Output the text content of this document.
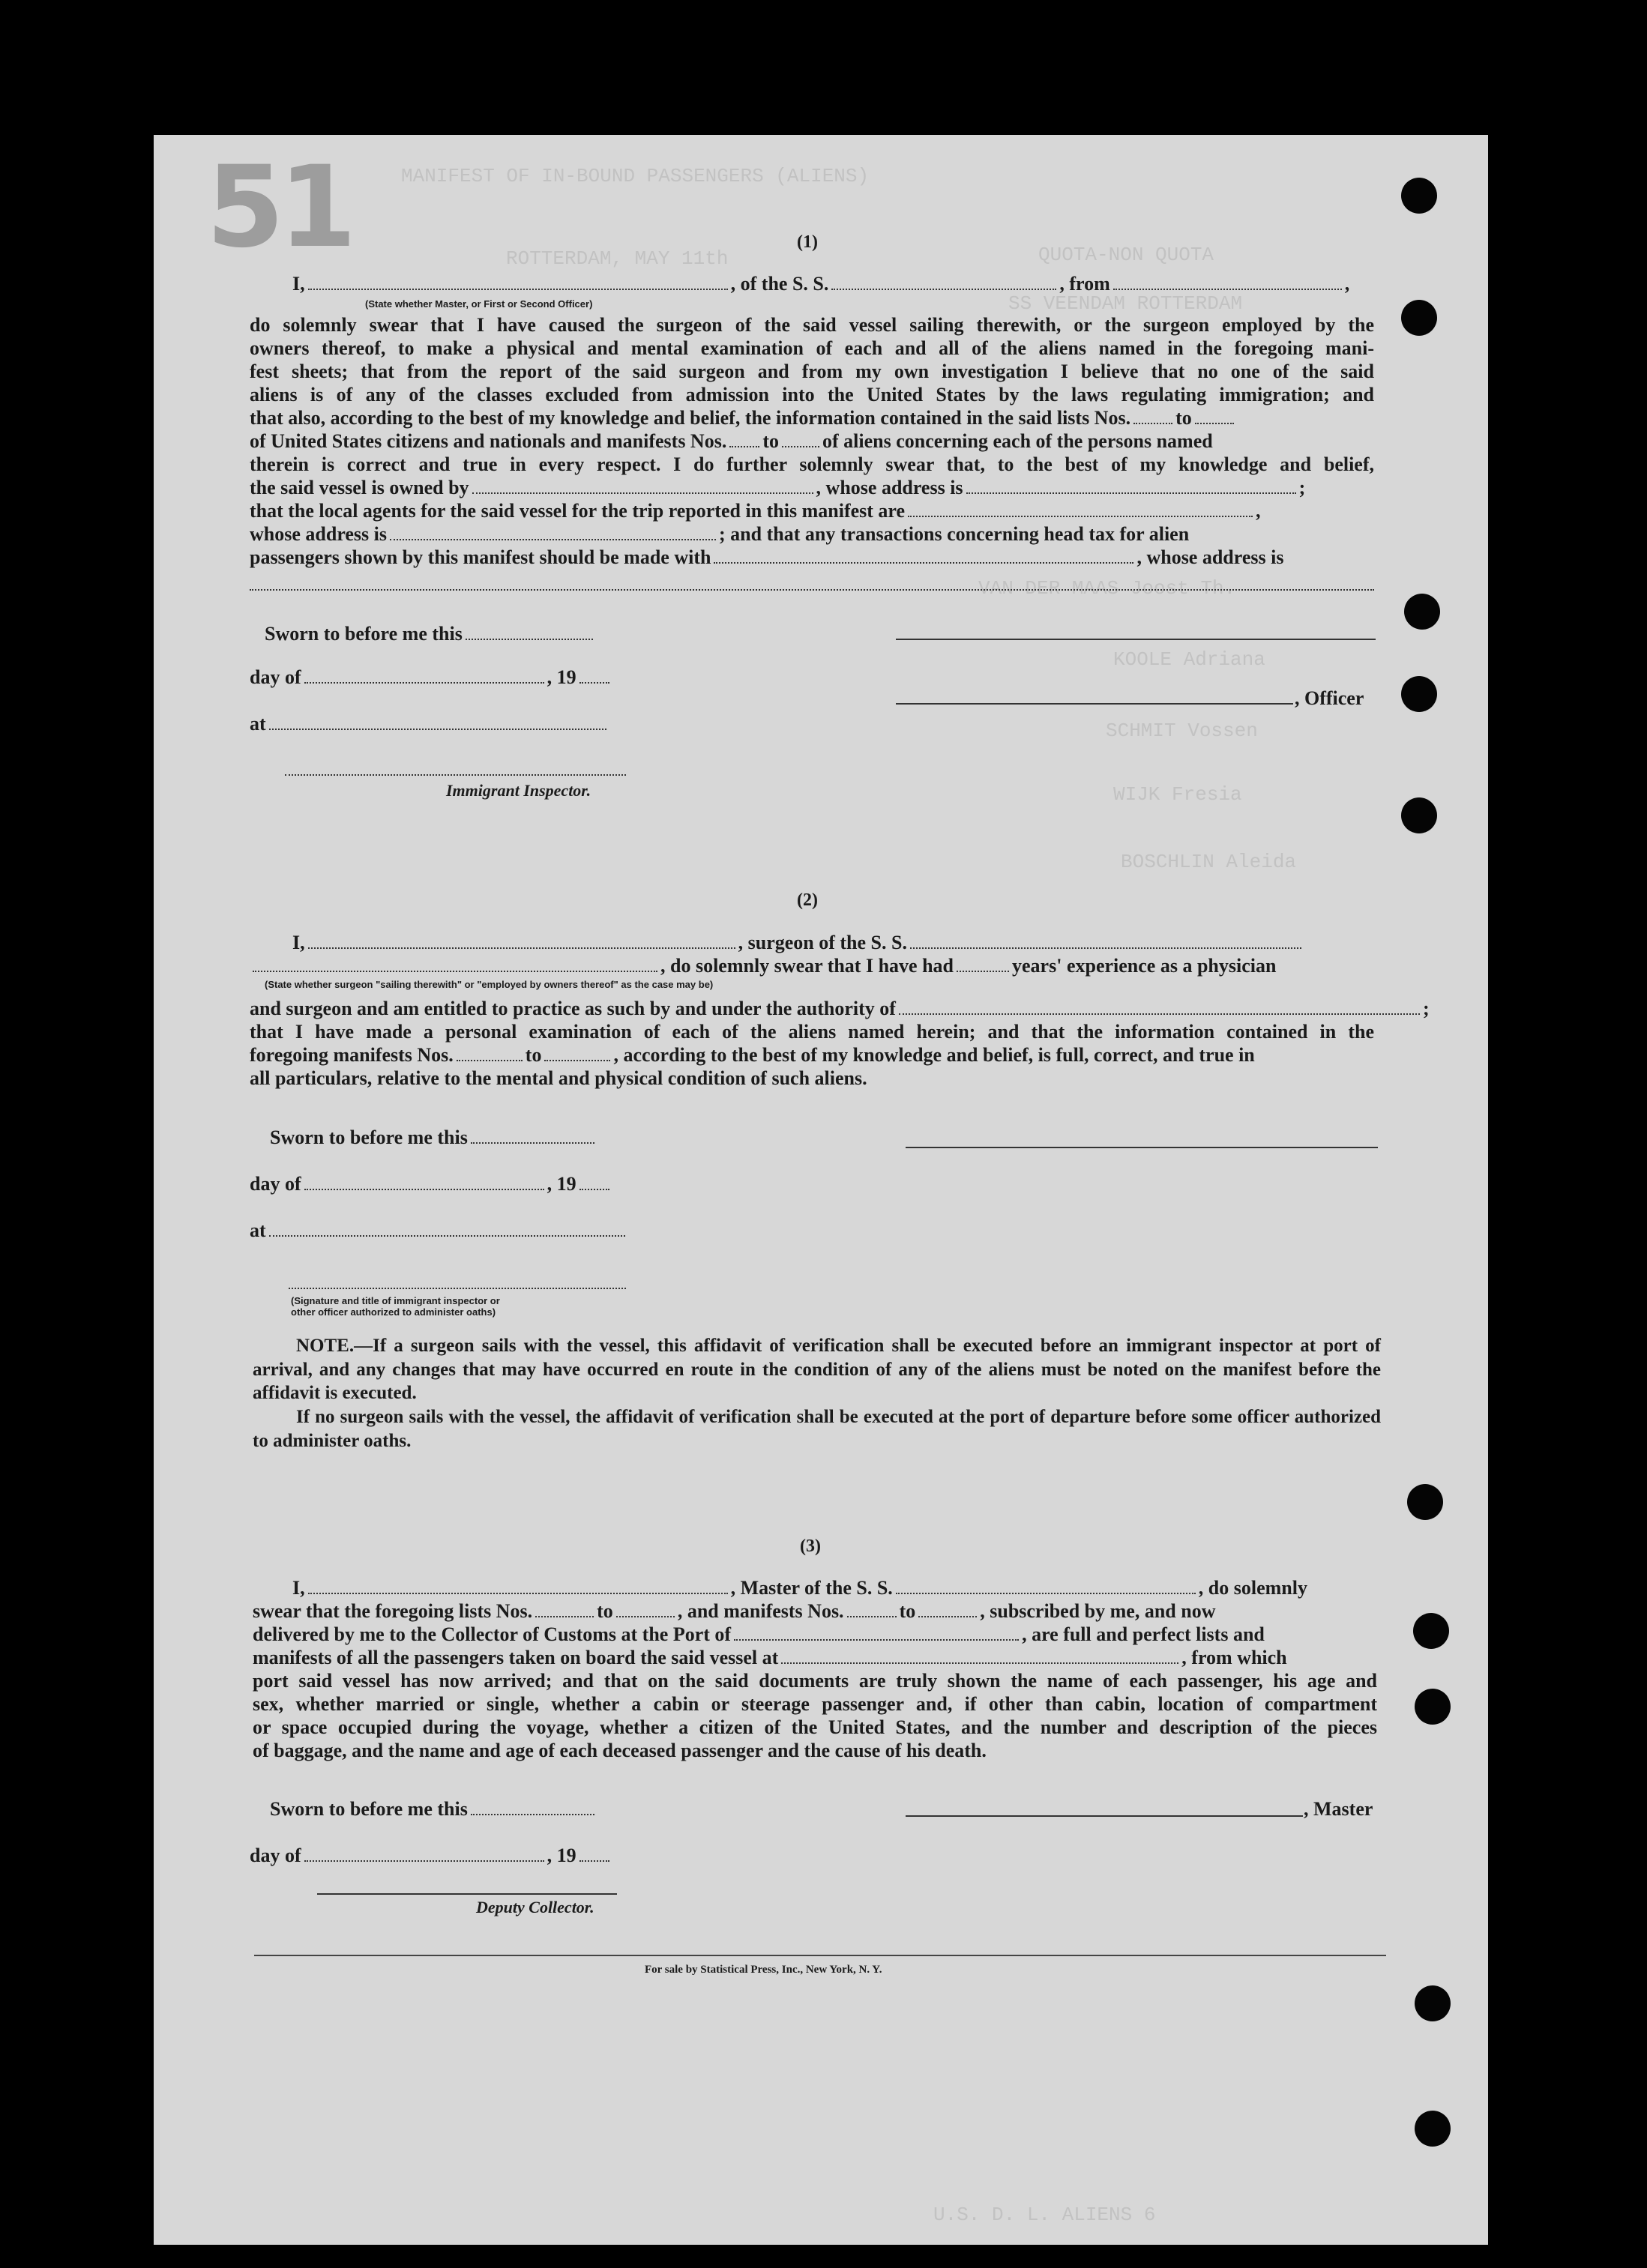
51	MANIFEST OF IN-BOUND PASSENGERS (ALIENS)
ROTTERDAM, MAY 11th	QUOTA-NON QUOTA
SS VEENDAM ROTTERDAM
VAN DER MAAS Joost Th.
KOOLE Adriana
SCHMIT Vossen
WIJK Fresia
BOSCHLIN Aleida
U.S. D. L. ALIENS 6
(1)
I,	, of the S. S.	, from	,
(State whether Master, or First or Second Officer)
do solemnly swear that I have caused the surgeon of the said vessel sailing therewith, or the surgeon employed by the
owners thereof, to make a physical and mental examination of each and all of the aliens named in the foregoing mani-
fest sheets; that from the report of the said surgeon and from my own investigation I believe that no one of the said
aliens is of any of the classes excluded from admission into the United States by the laws regulating immigration; and
that also, according to the best of my knowledge and belief, the information contained in the said lists Nos. to
of United States citizens and nationals and manifests Nos. to of aliens concerning each of the persons named
therein is correct and true in every respect. I do further solemnly swear that, to the best of my knowledge and belief,
the said vessel is owned by	, whose address is	;
that the local agents for the said vessel for the trip reported in this manifest are	,
whose address is	; and that any transactions concerning head tax for alien
passengers shown by this manifest should be made with	, whose address is
Sworn to before me this
day of	, 19
, Officer
at
Immigrant Inspector.
(2)
I,	, surgeon of the S. S.
, do solemnly swear that I have had	years' experience as a physician
(State whether surgeon "sailing therewith" or "employed by owners thereof" as the case may be)
and surgeon and am entitled to practice as such by and under the authority of	;
that I have made a personal examination of each of the aliens named herein; and that the information contained in the
foregoing manifests Nos.	to	, according to the best of my knowledge and belief, is full, correct, and true in
all particulars, relative to the mental and physical condition of such aliens.
Sworn to before me this
day of	, 19
at
(Signature and title of immigrant inspector or
other officer authorized to administer oaths)
NOTE.—If a surgeon sails with the vessel, this affidavit of verification shall be executed before an immigrant inspector at port of arrival, and any changes that may have occurred en route in the condition of any of the aliens must be noted on the manifest before the affidavit is executed.
If no surgeon sails with the vessel, the affidavit of verification shall be executed at the port of departure before some officer authorized to administer oaths.
(3)
I,	, Master of the S. S.	, do solemnly
swear that the foregoing lists Nos.	to	, and manifests Nos.	to	, subscribed by me, and now
delivered by me to the Collector of Customs at the Port of	, are full and perfect lists and
manifests of all the passengers taken on board the said vessel at	, from which
port said vessel has now arrived; and that on the said documents are truly shown the name of each passenger, his age and
sex, whether married or single, whether a cabin or steerage passenger and, if other than cabin, location of compartment
or space occupied during the voyage, whether a citizen of the United States, and the number and description of the pieces
of baggage, and the name and age of each deceased passenger and the cause of his death.
Sworn to before me this	, Master
day of	, 19
Deputy Collector.
For sale by Statistical Press, Inc., New York, N. Y.
